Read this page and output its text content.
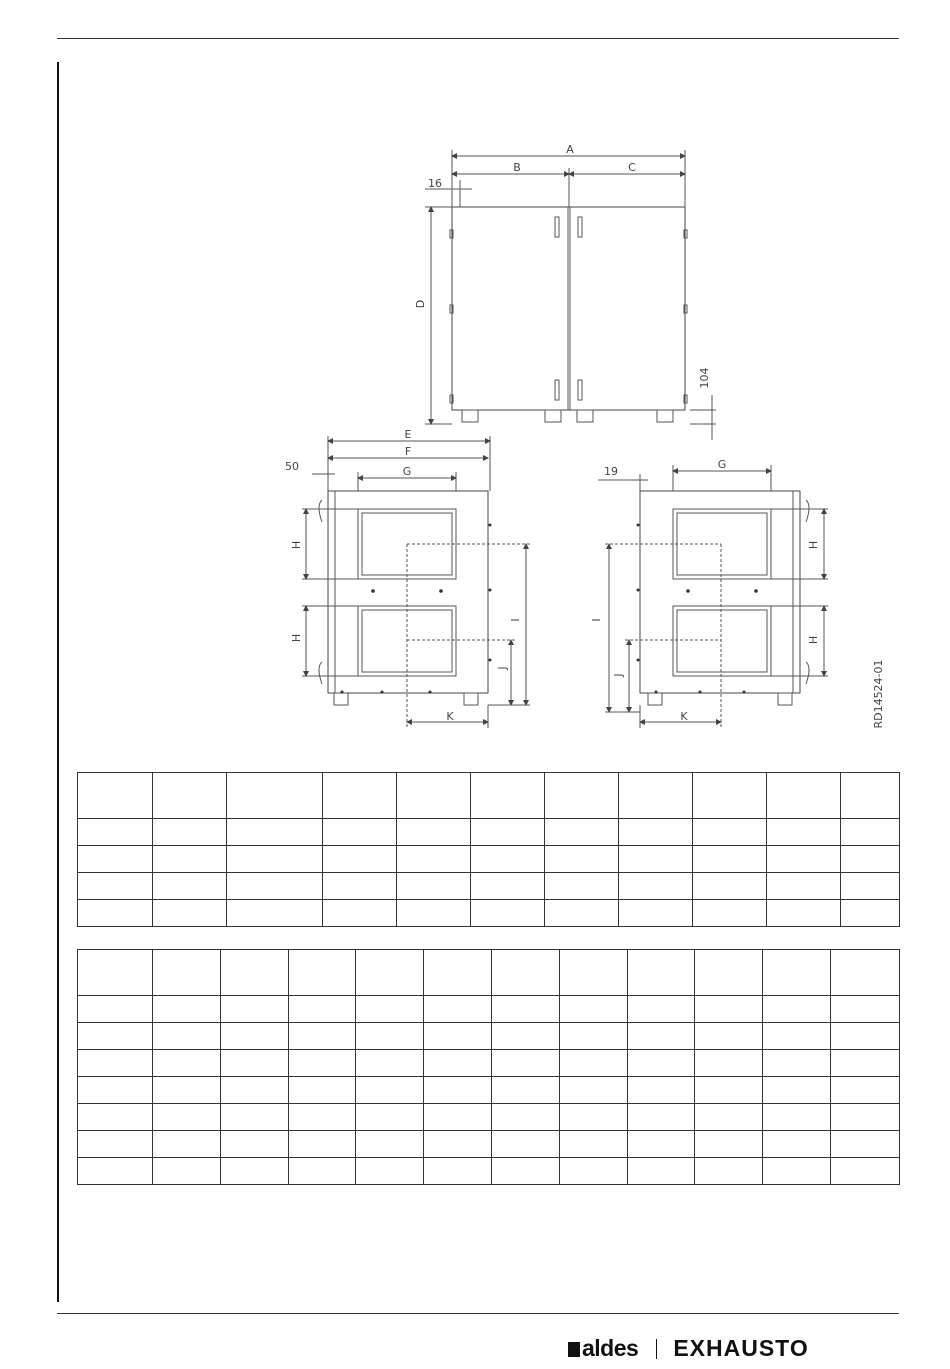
A
B	C
16
D
104
E
F
G
50
H
H
I
J
K
G
19
H
H
I
J
K	RD14524-01

aldes EXHAUSTO
